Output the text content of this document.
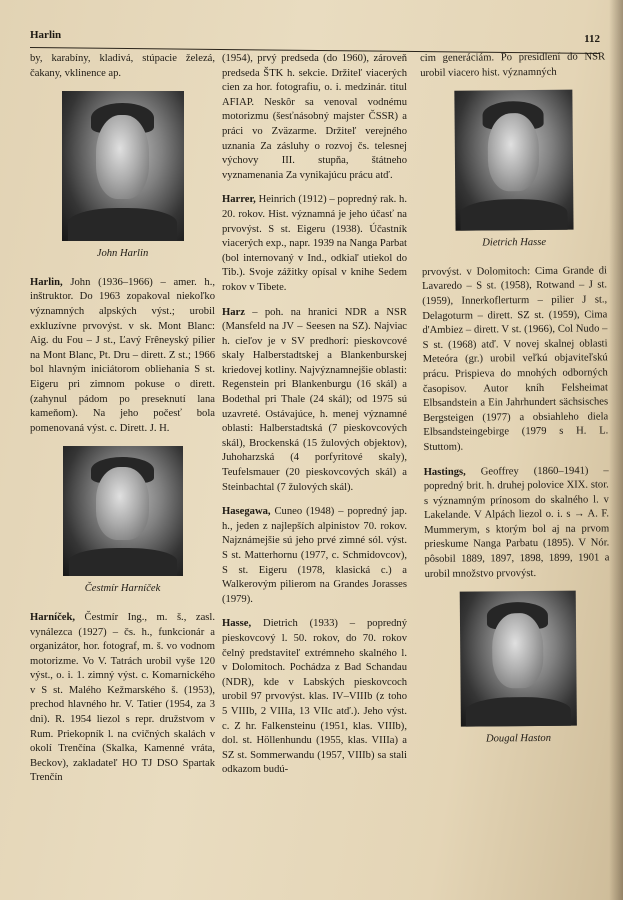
Harlin	112

by, karabíny, kladivá, stúpacie železá, čakany, vklinence ap.

John Harlin

Harlin, John (1936–1966) – amer. h., inštruktor. Do 1963 zopakoval niekoľko významných alpských výst.; urobil exkluzívne prvovýst. v sk. Mont Blanc: Aig. du Fou – J st., Ľavý Frêneyský pilier na Mont Blanc, Pt. Dru – dirett. Z st.; 1966 bol hlavným iniciátorom obliehania S st. Eigeru pri zimnom pokuse o dirett. (zahynul pádom po preseknutí lana kameňom). Na jeho počesť bola pomenovaná výst. c. Dirett. J. H.

Čestmír Harníček

Harníček, Čestmír Ing., m. š., zasl. vynálezca (1927) – čs. h., funkcionár a organizátor, hor. fotograf, m. š. vo vodnom motorizme. Vo V. Tatrách urobil vyše 120 výst., o. i. 1. zimný výst. c. Komarnického v S st. Malého Kežmarského š. (1953), prechod hlavného hr. V. Tatier (1954, za 3 dni). R. 1954 liezol s repr. družstvom v Rum. Priekopník l. na cvičných skalách v okolí Trenčína (Skalka, Kamenné vráta, Beckov), zakladateľ HO TJ DSO Spartak Trenčín

(1954), prvý predseda (do 1960), zároveň predseda ŠTK h. sekcie. Držiteľ viacerých cien za hor. fotografiu, o. i. medzinár. titul AFIAP. Neskôr sa venoval vodnému motorizmu (šesťnásobný majster ČSSR) a práci vo Zväzarme. Držiteľ verejného uznania Za zásluhy o rozvoj čs. telesnej výchovy III. stupňa, štátneho vyznamenania Za vynikajúcu prácu atď.

Harrer, Heinrich (1912) – popredný rak. h. 20. rokov. Hist. významná je jeho účasť na prvovýst. S st. Eigeru (1938). Účastník viacerých exp., napr. 1939 na Nanga Parbat (bol internovaný v Ind., odkiaľ utiekol do Tib.). Svoje zážitky opísal v knihe Sedem rokov v Tibete.

Harz – poh. na hranici NDR a NSR (Mansfeld na JV – Seesen na SZ). Najviac h. cieľov je v SV predhorí: pieskovcové skaly Halberstadtskej a Blankenburskej kriedovej kotliny. Najvýznamnejšie oblasti: Regenstein pri Blankenburgu (16 skál) a Bodethal pri Thale (24 skál); od 1975 sú uzavreté. Ostávajúce, h. menej významné oblasti: Halberstadtská (7 pieskovcových skál), Brockenská (15 žulových objektov), Juhoharzská (4 porfyritové skaly), Teufelsmauer (20 pieskovcových skál) a Steinbachtal (7 žulových skál).

Hasegawa, Cuneo (1948) – popredný jap. h., jeden z najlepších alpinistov 70. rokov. Najznámejšie sú jeho prvé zimné sól. výst. S st. Matterhornu (1977, c. Schmidovcov), S st. Eigeru (1978, klasická c.) a Walkerovým pilierom na Grandes Jorasses (1979).

Hasse, Dietrich (1933) – popredný pieskovcový l. 50. rokov, do 70. rokov čelný predstaviteľ extrémneho skalného l. v Dolomitoch. Pochádza z Bad Schandau (NDR), kde v Labských pieskovcoch urobil 97 prvovýst. klas. IV–VIIIb (z toho 5 VIIIb, 2 VIIIa, 13 VIIc atď.). Jeho výst. c. Z hr. Falkensteinu (1951, klas. VIIIb), dol. st. Höllenhundu (1955, klas. VIIIa) a SZ st. Sommerwandu (1957, VIIIb) sa stali odkazom budú-

cim generáciám. Po presídlení do NSR urobil viacero hist. významných

Dietrich Hasse

prvovýst. v Dolomitoch: Cima Grande di Lavaredo – S st. (1958), Rotwand – J st. (1959), Innerkoflerturm – pilier J st., Delagoturm – dirett. SZ st. (1959), Cima d'Ambiez – dirett. V st. (1966), Col Nudo – S st. (1968) atď. V novej skalnej oblasti Meteóra (gr.) urobil veľkú objaviteľskú prácu. Prispieva do mnohých odborných časopisov. Autor kníh Felsheimat Elbsandstein a Ein Jahrhundert sächsisches Bergsteigen (1977) a obsiahleho diela Elbsandsteingebirge (1979 s H. L. Stuttom).

Hastings, Geoffrey (1860–1941) – popredný brit. h. druhej polovice XIX. stor. s významným prínosom do skalného l. v Lakelande. V Alpách liezol o. i. s → A. F. Mummerym, s ktorým bol aj na prvom prieskume Nanga Parbatu (1895). V Nór. pôsobil 1889, 1897, 1898, 1899, 1901 a urobil množstvo prvovýst.

Dougal Haston
